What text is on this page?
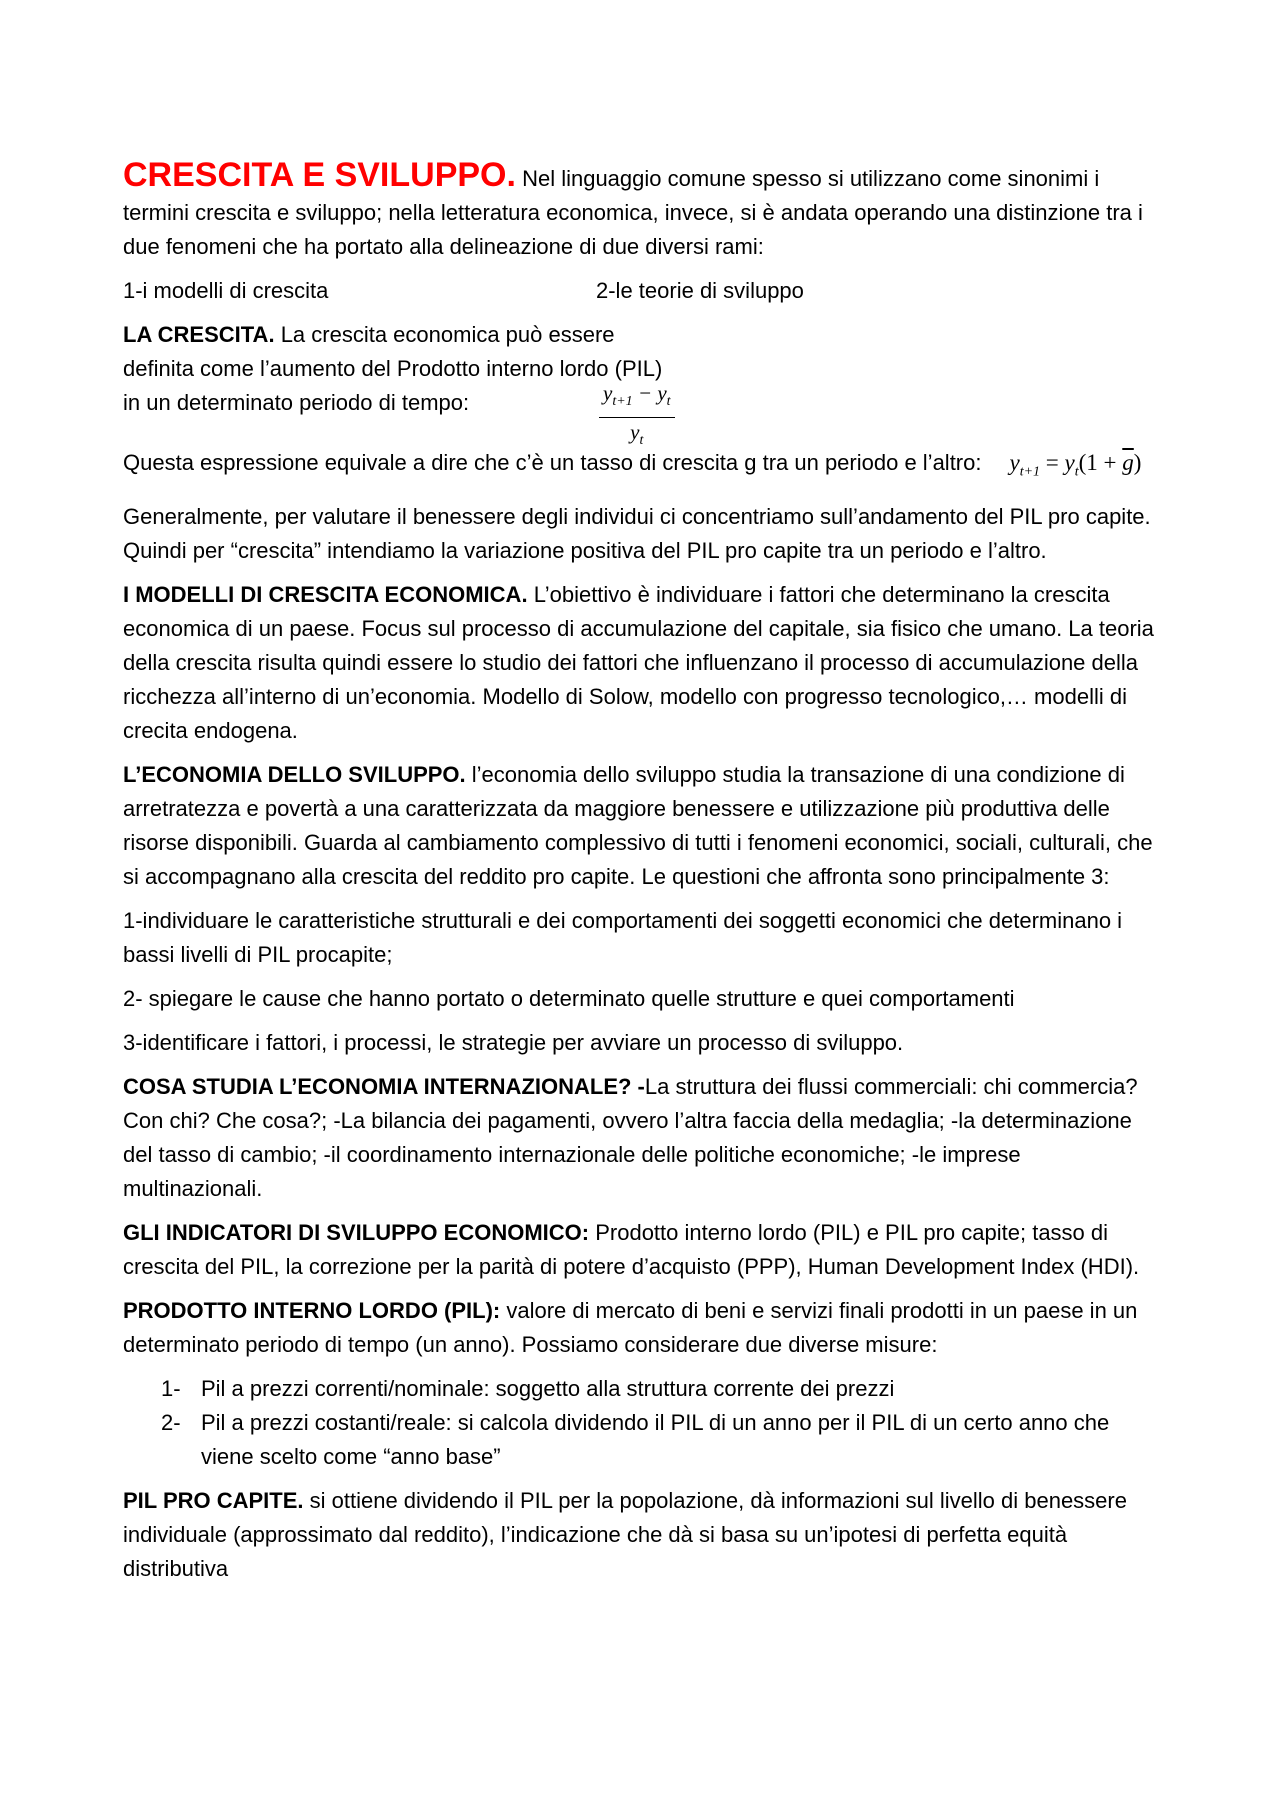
CRESCITA E SVILUPPO. Nel linguaggio comune spesso si utilizzano come sinonimi i termini crescita e sviluppo; nella letteratura economica, invece, si è andata operando una distinzione tra i due fenomeni che ha portato alla delineazione di due diversi rami:

1-i modelli di crescita	2-le teorie di sviluppo

LA CRESCITA. La crescita economica può essere definita come l’aumento del Prodotto interno lordo (PIL) in un determinato periodo di tempo:	$\frac{y_{t+1} - y_t}{y_t}$

Questa espressione equivale a dire che c’è un tasso di crescita g tra un periodo e l’altro: $y_{t+1} = y_t(1 + \overline{g})$

Generalmente, per valutare il benessere degli individui ci concentriamo sull’andamento del PIL pro capite. Quindi per “crescita” intendiamo la variazione positiva del PIL pro capite tra un periodo e l’altro.

I MODELLI DI CRESCITA ECONOMICA. L’obiettivo è individuare i fattori che determinano la crescita economica di un paese. Focus sul processo di accumulazione del capitale, sia fisico che umano. La teoria della crescita risulta quindi essere lo studio dei fattori che influenzano il processo di accumulazione della ricchezza all’interno di un’economia. Modello di Solow, modello con progresso tecnologico,… modelli di crecita endogena.

L’ECONOMIA DELLO SVILUPPO. l’economia dello sviluppo studia la transazione di una condizione di arretratezza e povertà a una caratterizzata da maggiore benessere e utilizzazione più produttiva delle risorse disponibili. Guarda al cambiamento complessivo di tutti i fenomeni economici, sociali, culturali, che si accompagnano alla crescita del reddito pro capite. Le questioni che affronta sono principalmente 3:

1-individuare le caratteristiche strutturali e dei comportamenti dei soggetti economici che determinano i bassi livelli di PIL procapite;

2- spiegare le cause che hanno portato o determinato quelle strutture e quei comportamenti

3-identificare i fattori, i processi, le strategie per avviare un processo di sviluppo.

COSA STUDIA L’ECONOMIA INTERNAZIONALE? -La struttura dei flussi commerciali: chi commercia? Con chi? Che cosa?; -La bilancia dei pagamenti, ovvero l’altra faccia della medaglia; -la determinazione del tasso di cambio; -il coordinamento internazionale delle politiche economiche; -le imprese multinazionali.

GLI INDICATORI DI SVILUPPO ECONOMICO: Prodotto interno lordo (PIL) e PIL pro capite; tasso di crescita del PIL, la correzione per la parità di potere d’acquisto (PPP), Human Development Index (HDI).

PRODOTTO INTERNO LORDO (PIL): valore di mercato di beni e servizi finali prodotti in un paese in un determinato periodo di tempo (un anno). Possiamo considerare due diverse misure:

1- Pil a prezzi correnti/nominale: soggetto alla struttura corrente dei prezzi
2- Pil a prezzi costanti/reale: si calcola dividendo il PIL di un anno per il PIL di un certo anno che viene scelto come “anno base”

PIL PRO CAPITE. si ottiene dividendo il PIL per la popolazione, dà informazioni sul livello di benessere individuale (approssimato dal reddito), l’indicazione che dà si basa su un’ipotesi di perfetta equità distributiva
